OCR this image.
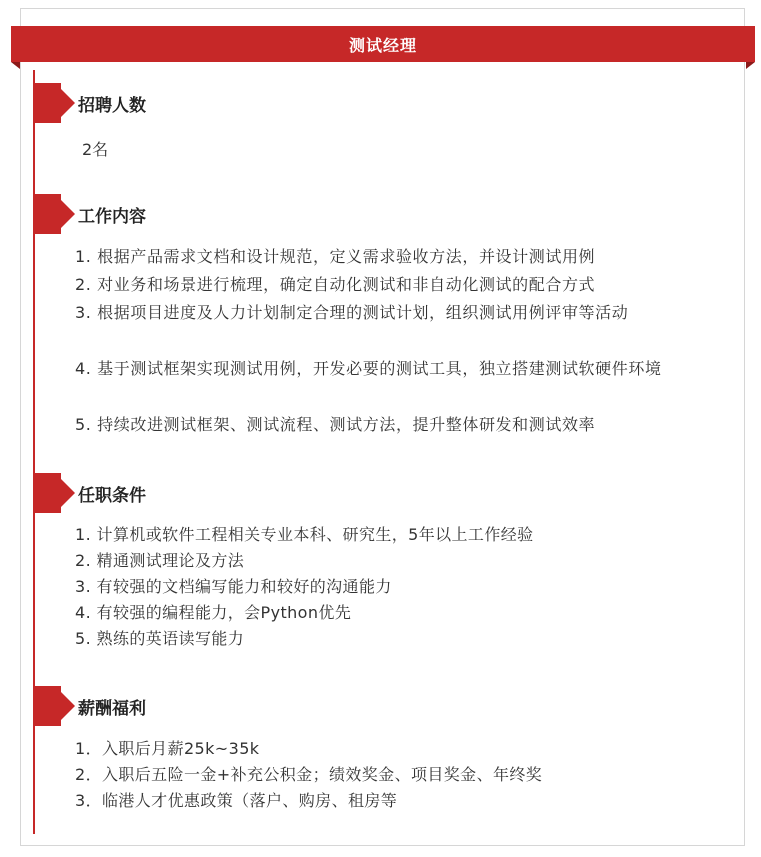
测试经理
招聘人数
2名
工作内容
1. 根据产品需求文档和设计规范，定义需求验收方法，并设计测试用例
2. 对业务和场景进行梳理，确定自动化测试和非自动化测试的配合方式
3. 根据项目进度及人力计划制定合理的测试计划，组织测试用例评审等活动
4. 基于测试框架实现测试用例，开发必要的测试工具，独立搭建测试软硬件环境
5. 持续改进测试框架、测试流程、测试方法，提升整体研发和测试效率
任职条件
1. 计算机或软件工程相关专业本科、研究生，5年以上工作经验
2. 精通测试理论及方法
3. 有较强的文档编写能力和较好的沟通能力
4. 有较强的编程能力，会Python优先
5. 熟练的英语读写能力
薪酬福利
1．入职后月薪25k~35k
2．入职后五险一金+补充公积金；绩效奖金、项目奖金、年终奖
3．临港人才优惠政策（落户、购房、租房等
